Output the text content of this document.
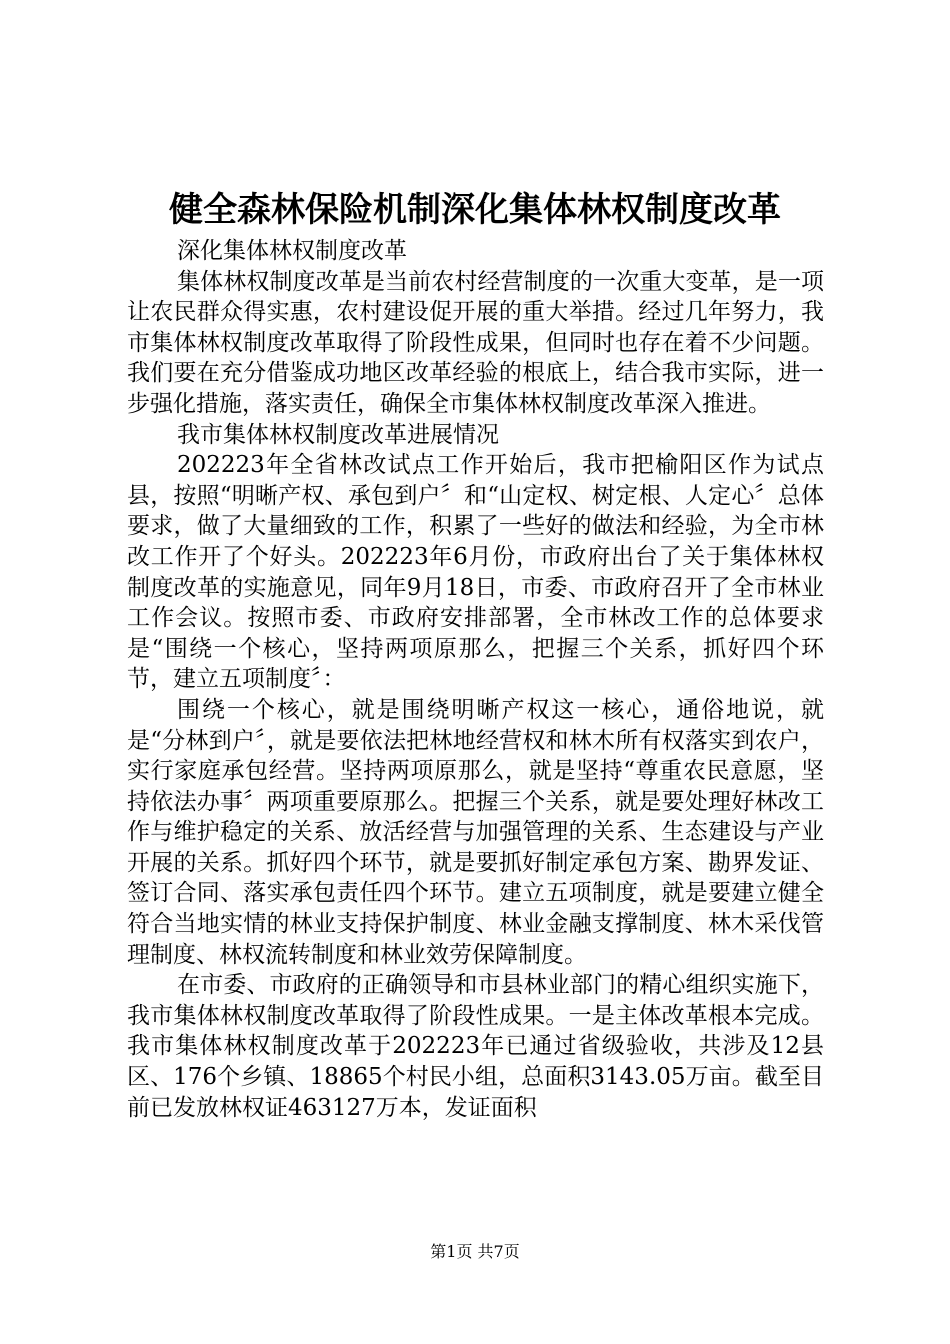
健全森林保险机制深化集体林权制度改革

深化集体林权制度改革

集体林权制度改革是当前农村经营制度的一次重大变革，是一项让农民群众得实惠，农村建设促开展的重大举措。经过几年努力，我市集体林权制度改革取得了阶段性成果，但同时也存在着不少问题。我们要在充分借鉴成功地区改革经验的根底上，结合我市实际，进一步强化措施，落实责任，确保全市集体林权制度改革深入推进。

我市集体林权制度改革进展情况

202223年全省林改试点工作开始后，我市把榆阳区作为试点县，按照“明晰产权、承包到户〞和“山定权、树定根、人定心〞总体要求，做了大量细致的工作，积累了一些好的做法和经验，为全市林改工作开了个好头。202223年6月份，市政府出台了关于集体林权制度改革的实施意见，同年9月18日，市委、市政府召开了全市林业工作会议。按照市委、市政府安排部署，全市林改工作的总体要求是“围绕一个核心，坚持两项原那么，把握三个关系，抓好四个环节，建立五项制度〞：

围绕一个核心，就是围绕明晰产权这一核心，通俗地说，就是“分林到户〞，就是要依法把林地经营权和林木所有权落实到农户，实行家庭承包经营。坚持两项原那么，就是坚持“尊重农民意愿，坚持依法办事〞两项重要原那么。把握三个关系，就是要处理好林改工作与维护稳定的关系、放活经营与加强管理的关系、生态建设与产业开展的关系。抓好四个环节，就是要抓好制定承包方案、勘界发证、签订合同、落实承包责任四个环节。建立五项制度，就是要建立健全符合当地实情的林业支持保护制度、林业金融支撑制度、林木采伐管理制度、林权流转制度和林业效劳保障制度。

在市委、市政府的正确领导和市县林业部门的精心组织实施下，我市集体林权制度改革取得了阶段性成果。一是主体改革根本完成。我市集体林权制度改革于202223年已通过省级验收，共涉及12县区、176个乡镇、18865个村民小组，总面积3143.05万亩。截至目前已发放林权证463127万本，发证面积

第1页 共7页
